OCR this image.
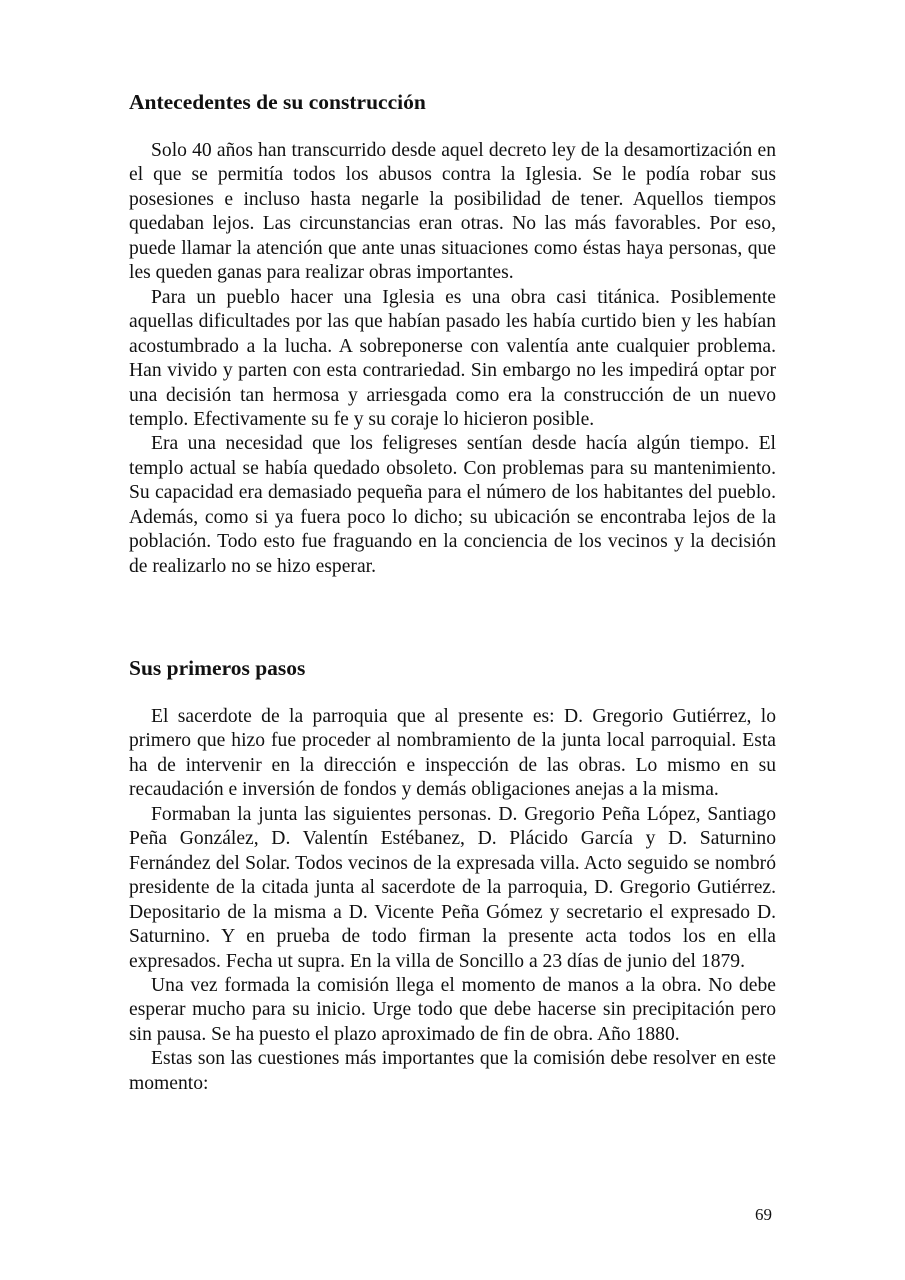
Antecedentes de su construcción

Solo 40 años han transcurrido desde aquel decreto ley de la desamortización en el que se permitía todos los abusos contra la Iglesia. Se le podía robar sus posesiones e incluso hasta negarle la posibilidad de tener. Aquellos tiempos quedaban lejos. Las circunstancias eran otras. No las más favorables. Por eso, puede llamar la atención que ante unas situaciones como éstas haya personas, que les queden ganas para realizar obras importantes.

Para un pueblo hacer una Iglesia es una obra casi titánica. Posiblemente aquellas dificultades por las que habían pasado les había curtido bien y les habían acostumbrado a la lucha. A sobreponerse con valentía ante cualquier problema. Han vivido y parten con esta contrariedad. Sin embargo no les impedirá optar por una decisión tan hermosa y arriesgada como era la construcción de un nuevo templo. Efectivamente su fe y su coraje lo hicieron posible.

Era una necesidad que los feligreses sentían desde hacía algún tiempo. El templo actual se había quedado obsoleto. Con problemas para su mantenimiento. Su capacidad era demasiado pequeña para el número de los habitantes del pueblo. Además, como si ya fuera poco lo dicho; su ubicación se encontraba lejos de la población. Todo esto fue fraguando en la conciencia de los vecinos y la decisión de realizarlo no se hizo esperar.

Sus primeros pasos

El sacerdote de la parroquia que al presente es: D. Gregorio Gutiérrez, lo primero que hizo fue proceder al nombramiento de la junta local parroquial. Esta ha de intervenir en la dirección e inspección de las obras. Lo mismo en su recaudación e inversión de fondos y demás obligaciones anejas a la misma.

Formaban la junta las siguientes personas. D. Gregorio Peña López, Santiago Peña González, D. Valentín Estébanez, D. Plácido García y D. Saturnino Fernández del Solar. Todos vecinos de la expresada villa. Acto seguido se nombró presidente de la citada junta al sacerdote de la parroquia, D. Gregorio Gutiérrez. Depositario de la misma a D. Vicente Peña Gómez y secretario el expresado D. Saturnino. Y en prueba de todo firman la presente acta todos los en ella expresados. Fecha ut supra. En la villa de Soncillo a 23 días de junio del 1879.

Una vez formada la comisión llega el momento de manos a la obra. No debe esperar mucho para su inicio. Urge todo que debe hacerse sin precipitación pero sin pausa. Se ha puesto el plazo aproximado de fin de obra. Año 1880.

Estas son las cuestiones más importantes que la comisión debe resolver en este momento:

69
